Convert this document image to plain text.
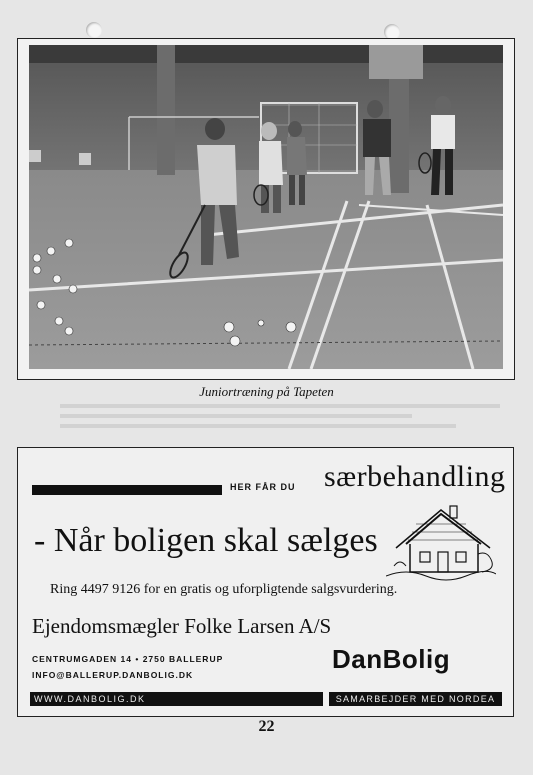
Juniortræning på Tapeten
HER FÅR DU særbehandling
- Når boligen skal sælges
Ring 4497 9126 for en gratis og uforpligtende salgsvurdering.
Ejendomsmægler Folke Larsen A/S
CENTRUMGADEN 14 • 2750 BALLERUP
INFO@BALLERUP.DANBOLIG.DK
DanBolig
WWW.DANBOLIG.DK	SAMARBEJDER MED NORDEA
22
